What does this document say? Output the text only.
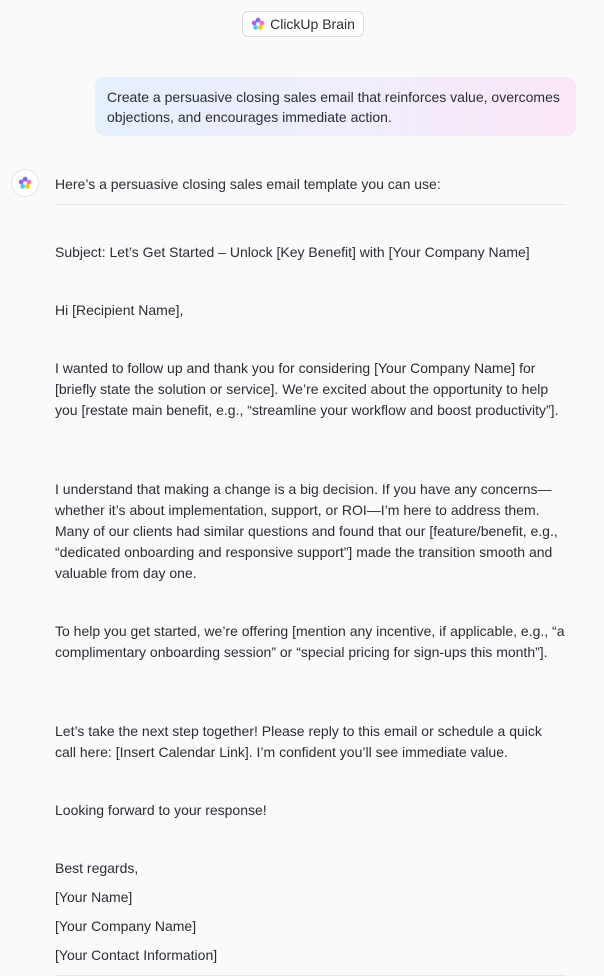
ClickUp Brain
Create a persuasive closing sales email that reinforces value, overcomes objections, and encourages immediate action.
Here’s a persuasive closing sales email template you can use:
Subject: Let’s Get Started – Unlock [Key Benefit] with [Your Company Name]
Hi [Recipient Name],
I wanted to follow up and thank you for considering [Your Company Name] for [briefly state the solution or service]. We’re excited about the opportunity to help you [restate main benefit, e.g., “streamline your workflow and boost productivity”].
I understand that making a change is a big decision. If you have any concerns—whether it’s about implementation, support, or ROI—I’m here to address them. Many of our clients had similar questions and found that our [feature/benefit, e.g., “dedicated onboarding and responsive support”] made the transition smooth and valuable from day one.
To help you get started, we’re offering [mention any incentive, if applicable, e.g., “a complimentary onboarding session” or “special pricing for sign-ups this month”].
Let’s take the next step together! Please reply to this email or schedule a quick call here: [Insert Calendar Link]. I’m confident you’ll see immediate value.
Looking forward to your response!
Best regards,
[Your Name]
[Your Company Name]
[Your Contact Information]
